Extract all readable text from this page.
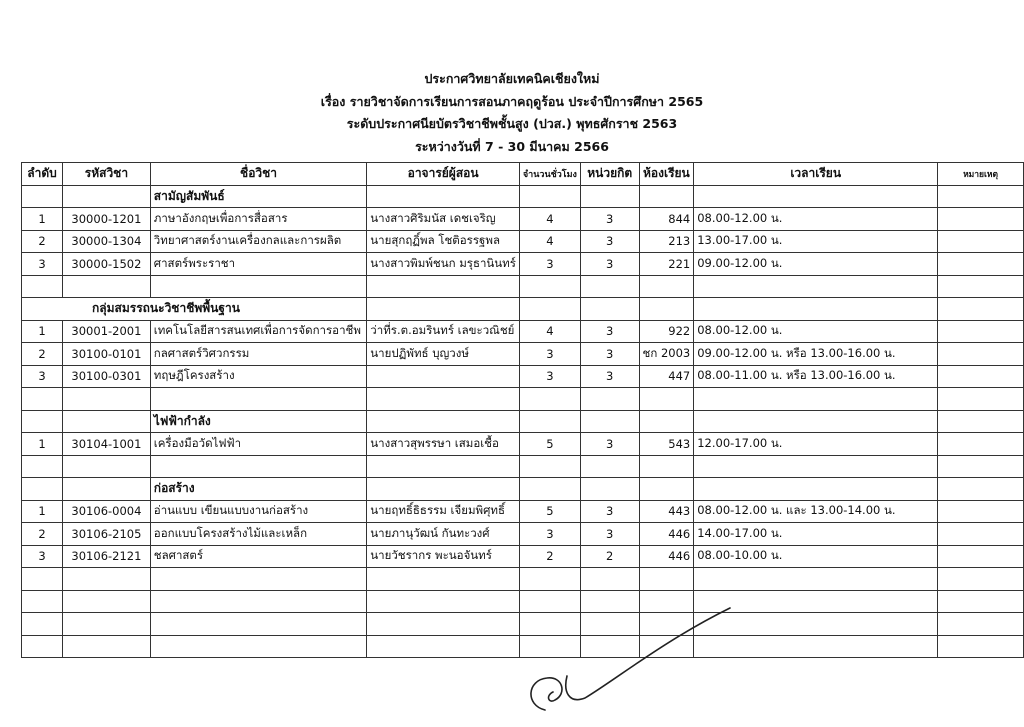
ประกาศวิทยาลัยเทคนิคเชียงใหม่
เรื่อง รายวิชาจัดการเรียนการสอนภาคฤดูร้อน ประจำปีการศึกษา 2565
ระดับประกาศนียบัตรวิชาชีพชั้นสูง (ปวส.) พุทธศักราช 2563
ระหว่างวันที่ 7 - 30 มีนาคม 2566
ลำดับ	รหัสวิชา	ชื่อวิชา	อาจารย์ผู้สอน	จำนวนชั่วโมง	หน่วยกิต	ห้องเรียน	เวลาเรียน	หมายเหตุ
		สามัญสัมพันธ์						
1	30000-1201	ภาษาอังกฤษเพื่อการสื่อสาร	นางสาวศิริมนัส เดชเจริญ	4	3	844	08.00-12.00 น.	
2	30000-1304	วิทยาศาสตร์งานเครื่องกลและการผลิต	นายสุกฤฏิ์พล โชติอรรฐพล	4	3	213	13.00-17.00 น.	
3	30000-1502	ศาสตร์พระราชา	นางสาวพิมพ์ชนก มรุธานินทร์	3	3	221	09.00-12.00 น.	

กลุ่มสมรรถนะวิชาชีพพื้นฐาน								
1	30001-2001	เทคโนโลยีสารสนเทศเพื่อการจัดการอาชีพ	ว่าที่ร.ต.อมรินทร์ เลขะวณิชย์	4	3	922	08.00-12.00 น.	
2	30100-0101	กลศาสตร์วิศวกรรม	นายปฏิพัทธ์ บุญวงษ์	3	3	ชก 2003	09.00-12.00 น. หรือ 13.00-16.00 น.	
3	30100-0301	ทฤษฎีโครงสร้าง		3	3	447	08.00-11.00 น. หรือ 13.00-16.00 น.	

		ไฟฟ้ากำลัง						
1	30104-1001	เครื่องมือวัดไฟฟ้า	นางสาวสุพรรษา เสมอเชื้อ	5	3	543	12.00-17.00 น.	

		ก่อสร้าง						
1	30106-0004	อ่านแบบ เขียนแบบงานก่อสร้าง	นายฤทธิ์ธิธรรม เจียมพิศุทธิ์	5	3	443	08.00-12.00 น. และ 13.00-14.00 น.	
2	30106-2105	ออกแบบโครงสร้างไม้และเหล็ก	นายภานุวัฒน์ กันทะวงศ์	3	3	446	14.00-17.00 น.	
3	30106-2121	ชลศาสตร์	นายวัชรากร พะนอจันทร์	2	2	446	08.00-10.00 น.	
